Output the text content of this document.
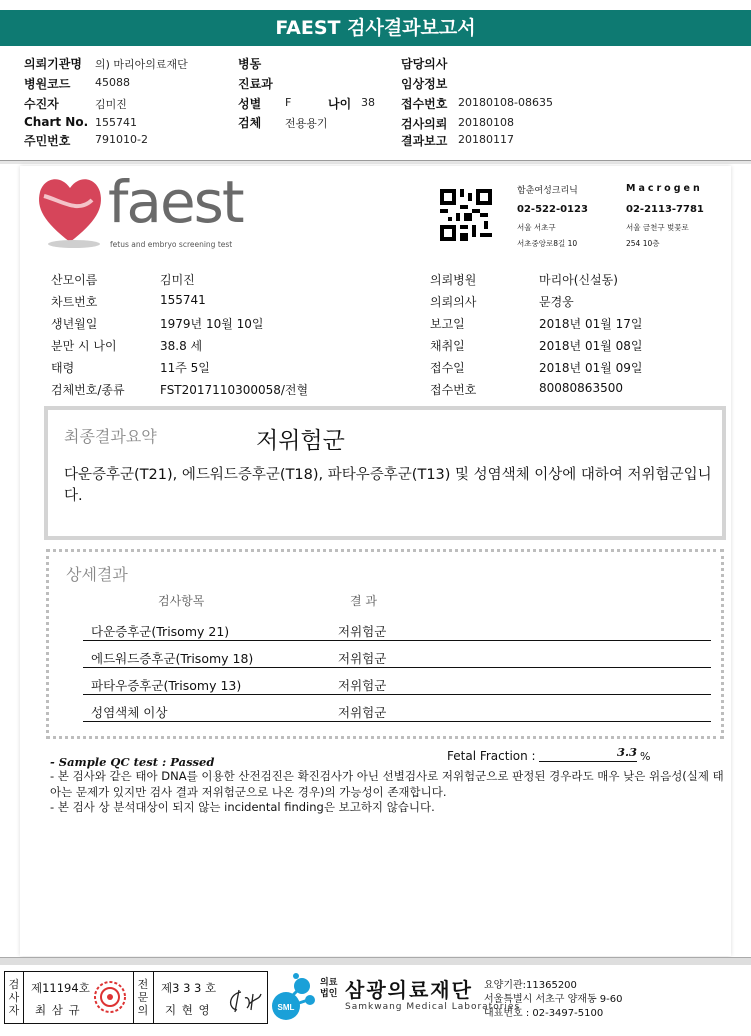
FAEST 검사결과보고서
의뢰기관명 의) 마리아의료재단
병원코드 45088
수진자	김미진
Chart No. 155741
주민번호 791010-2
병동
진료과
성별 F	나이 38
검체 전용용기
담당의사
임상정보
접수번호 20180108-08635
검사의뢰 20180108
결과보고 20180117
faest
fetus and embryo screening test
함춘여성크리닉
02-522-0123
서울 서초구
서초중앙로8길 10
Macrogen
02-2113-7781
서울 금천구 벚꽃로
254 10층
산모이름	김미진
차트번호	155741
생년월일	1979년 10월 10일
분만 시 나이	38.8 세
태령	11주 5일
검체번호/종류	FST2017110300058/전혈
의뢰병원	마리아(신설동)
의뢰의사	문경웅
보고일	2018년 01월 17일
채취일	2018년 01월 08일
접수일	2018년 01월 09일
접수번호	80080863500
최종결과요약	저위험군

다운증후군(T21), 에드워드증후군(T18), 파타우증후군(T13) 및 성염색체 이상에 대하여 저위험군입니다.

상세결과
검사항목	결 과
다운증후군(Trisomy 21)	저위험군
에드워드증후군(Trisomy 18)	저위험군
파타우증후군(Trisomy 13)	저위험군
성염색체 이상	저위험군
- Sample QC test : Passed	Fetal Fraction :	3.3 %

- 본 검사와 같은 태아 DNA를 이용한 산전검진은 확진검사가 아닌 선별검사로 저위험군으로 판정된 경우라도 매우 낮은 위음성(실제 태아는 문제가 있지만 검사 결과 저위험군으로 나온 경우)의 가능성이 존재합니다.

- 본 검사 상 분석대상이 되지 않는 incidental finding은 보고하지 않습니다.

검사자
제11194호
최 삼 규
전문의
제3 3 3 호
지 현 영	SML
의료법인 삼광의료재단
Samkwang Medical Laboratories
요양기관:11365200
서울특별시 서초구 양재동 9-60
대표번호 : 02-3497-5100
